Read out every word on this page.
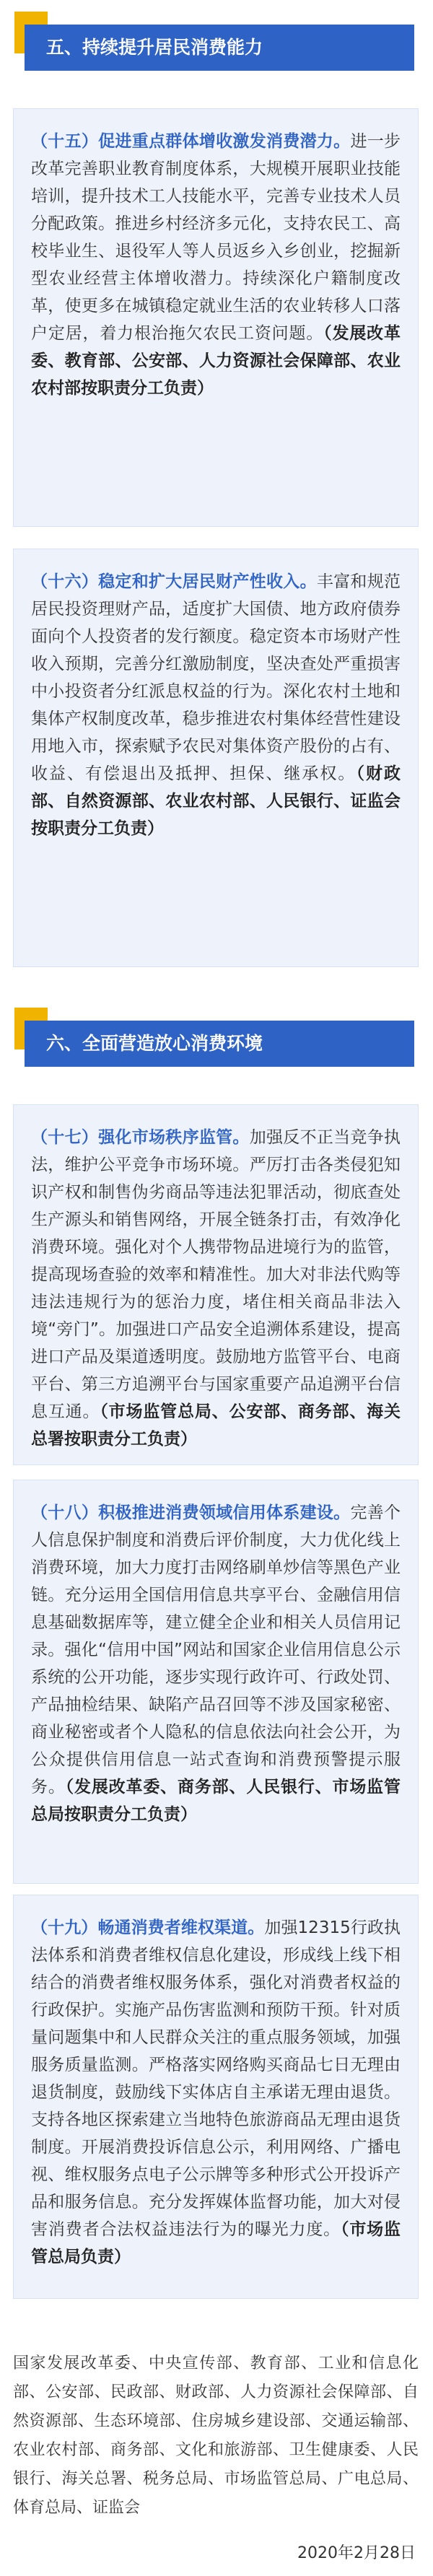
五、持续提升居民消费能力
（十五）促进重点群体增收激发消费潜力。进一步改革完善职业教育制度体系，大规模开展职业技能培训，提升技术工人技能水平，完善专业技术人员分配政策。推进乡村经济多元化，支持农民工、高校毕业生、退役军人等人员返乡入乡创业，挖掘新型农业经营主体增收潜力。持续深化户籍制度改革，使更多在城镇稳定就业生活的农业转移人口落户定居，着力根治拖欠农民工资问题。（发展改革委、教育部、公安部、人力资源社会保障部、农业农村部按职责分工负责）
（十六）稳定和扩大居民财产性收入。丰富和规范居民投资理财产品，适度扩大国债、地方政府债券面向个人投资者的发行额度。稳定资本市场财产性收入预期，完善分红激励制度，坚决查处严重损害中小投资者分红派息权益的行为。深化农村土地和集体产权制度改革，稳步推进农村集体经营性建设用地入市，探索赋予农民对集体资产股份的占有、收益、有偿退出及抵押、担保、继承权。（财政部、自然资源部、农业农村部、人民银行、证监会按职责分工负责）
六、全面营造放心消费环境
（十七）强化市场秩序监管。加强反不正当竞争执法，维护公平竞争市场环境。严厉打击各类侵犯知识产权和制售伪劣商品等违法犯罪活动，彻底查处生产源头和销售网络，开展全链条打击，有效净化消费环境。强化对个人携带物品进境行为的监管，提高现场查验的效率和精准性。加大对非法代购等违法违规行为的惩治力度，堵住相关商品非法入境“旁门”。加强进口产品安全追溯体系建设，提高进口产品及渠道透明度。鼓励地方监管平台、电商平台、第三方追溯平台与国家重要产品追溯平台信息互通。（市场监管总局、公安部、商务部、海关总署按职责分工负责）
（十八）积极推进消费领域信用体系建设。完善个人信息保护制度和消费后评价制度，大力优化线上消费环境，加大力度打击网络刷单炒信等黑色产业链。充分运用全国信用信息共享平台、金融信用信息基础数据库等，建立健全企业和相关人员信用记录。强化“信用中国”网站和国家企业信用信息公示系统的公开功能，逐步实现行政许可、行政处罚、产品抽检结果、缺陷产品召回等不涉及国家秘密、商业秘密或者个人隐私的信息依法向社会公开，为公众提供信用信息一站式查询和消费预警提示服务。（发展改革委、商务部、人民银行、市场监管总局按职责分工负责）
（十九）畅通消费者维权渠道。加强12315行政执法体系和消费者维权信息化建设，形成线上线下相结合的消费者维权服务体系，强化对消费者权益的行政保护。实施产品伤害监测和预防干预。针对质量问题集中和人民群众关注的重点服务领域，加强服务质量监测。严格落实网络购买商品七日无理由退货制度，鼓励线下实体店自主承诺无理由退货。支持各地区探索建立当地特色旅游商品无理由退货制度。开展消费投诉信息公示，利用网络、广播电视、维权服务点电子公示牌等多种形式公开投诉产品和服务信息。充分发挥媒体监督功能，加大对侵害消费者合法权益违法行为的曝光力度。（市场监管总局负责）
国家发展改革委、中央宣传部、教育部、工业和信息化部、公安部、民政部、财政部、人力资源社会保障部、自然资源部、生态环境部、住房城乡建设部、交通运输部、农业农村部、商务部、文化和旅游部、卫生健康委、人民银行、海关总署、税务总局、市场监管总局、广电总局、体育总局、证监会
2020年2月28日
